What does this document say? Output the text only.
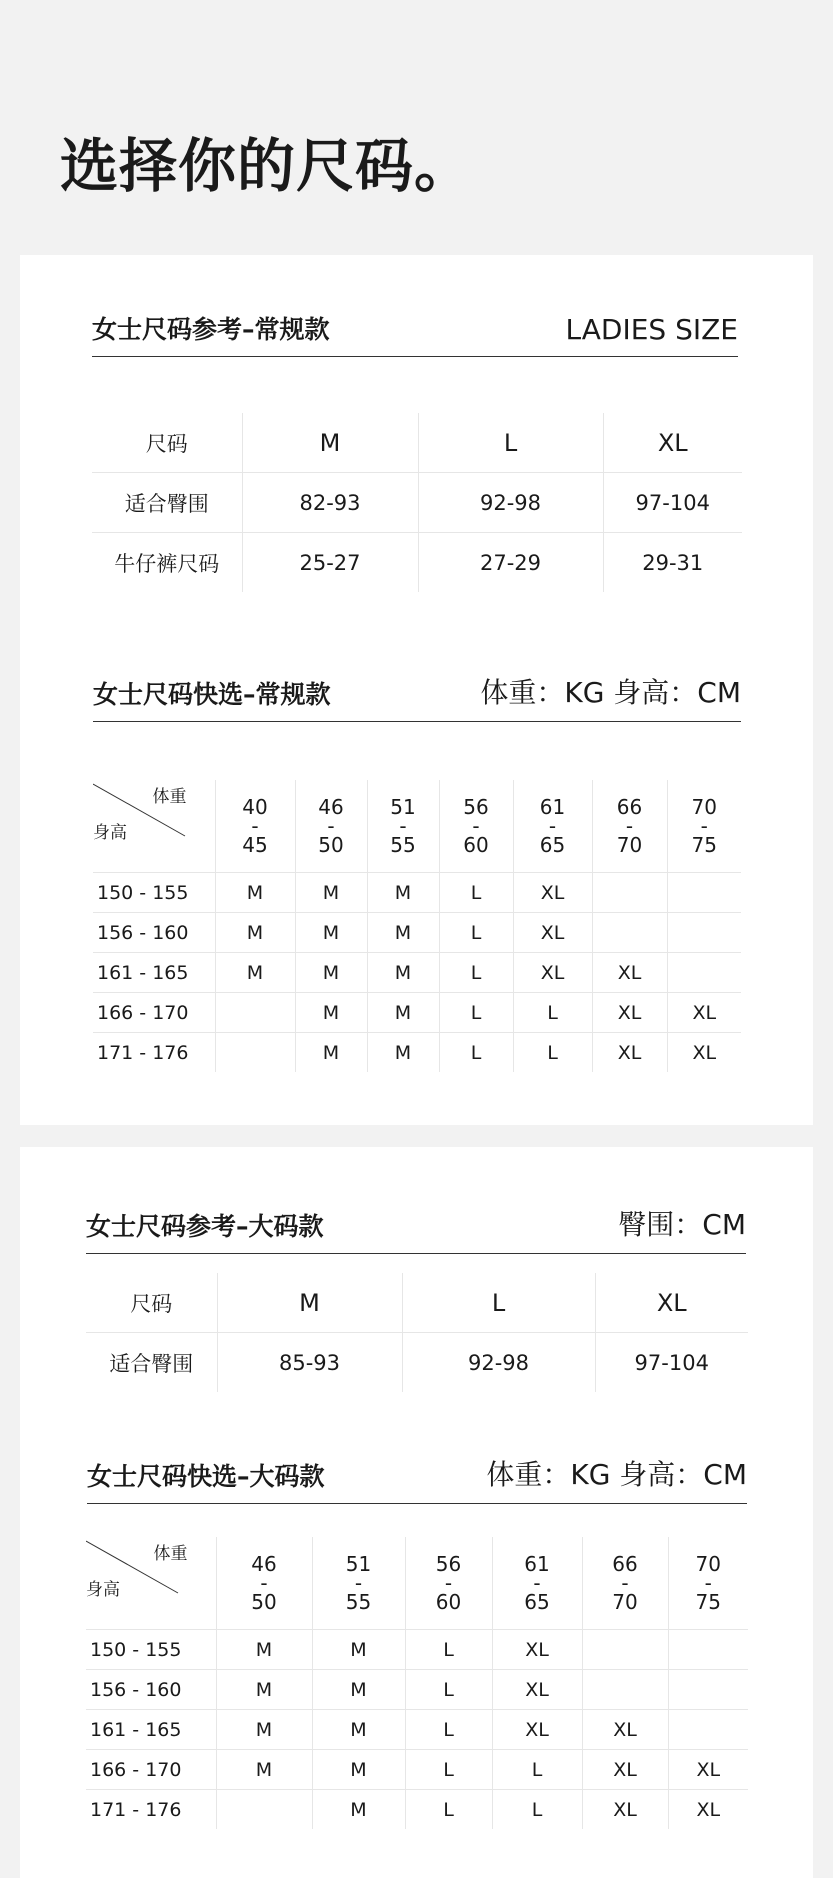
选择你的尺码。
女士尺码参考–常规款	LADIES SIZE
尺码	M	L	XL
适合臀围	82-93	92-98	97-104
牛仔裤尺码	25-27	27-29	29-31
女士尺码快选–常规款	体重：KG 身高：CM
体重
身高	40
-
45	46
-
50	51
-
55	56
-
60	61
-
65	66
-
70	70
-
75

150 - 155	M	M	M	L	XL		
156 - 160	M	M	M	L	XL		
161 - 165	M	M	M	L	XL	XL	
166 - 170		M	M	L	L	XL	XL
171 - 176		M	M	L	L	XL	XL
女士尺码参考–大码款	臀围：CM
尺码	M	L	XL
适合臀围	85-93	92-98	97-104
女士尺码快选–大码款	体重：KG 身高：CM
体重
身高	46
-
50	51
-
55	56
-
60	61
-
65	66
-
70	70
-
75

150 - 155	M	M	L	XL		
156 - 160	M	M	L	XL		
161 - 165	M	M	L	XL	XL	
166 - 170	M	M	L	L	XL	XL
171 - 176		M	L	L	XL	XL
